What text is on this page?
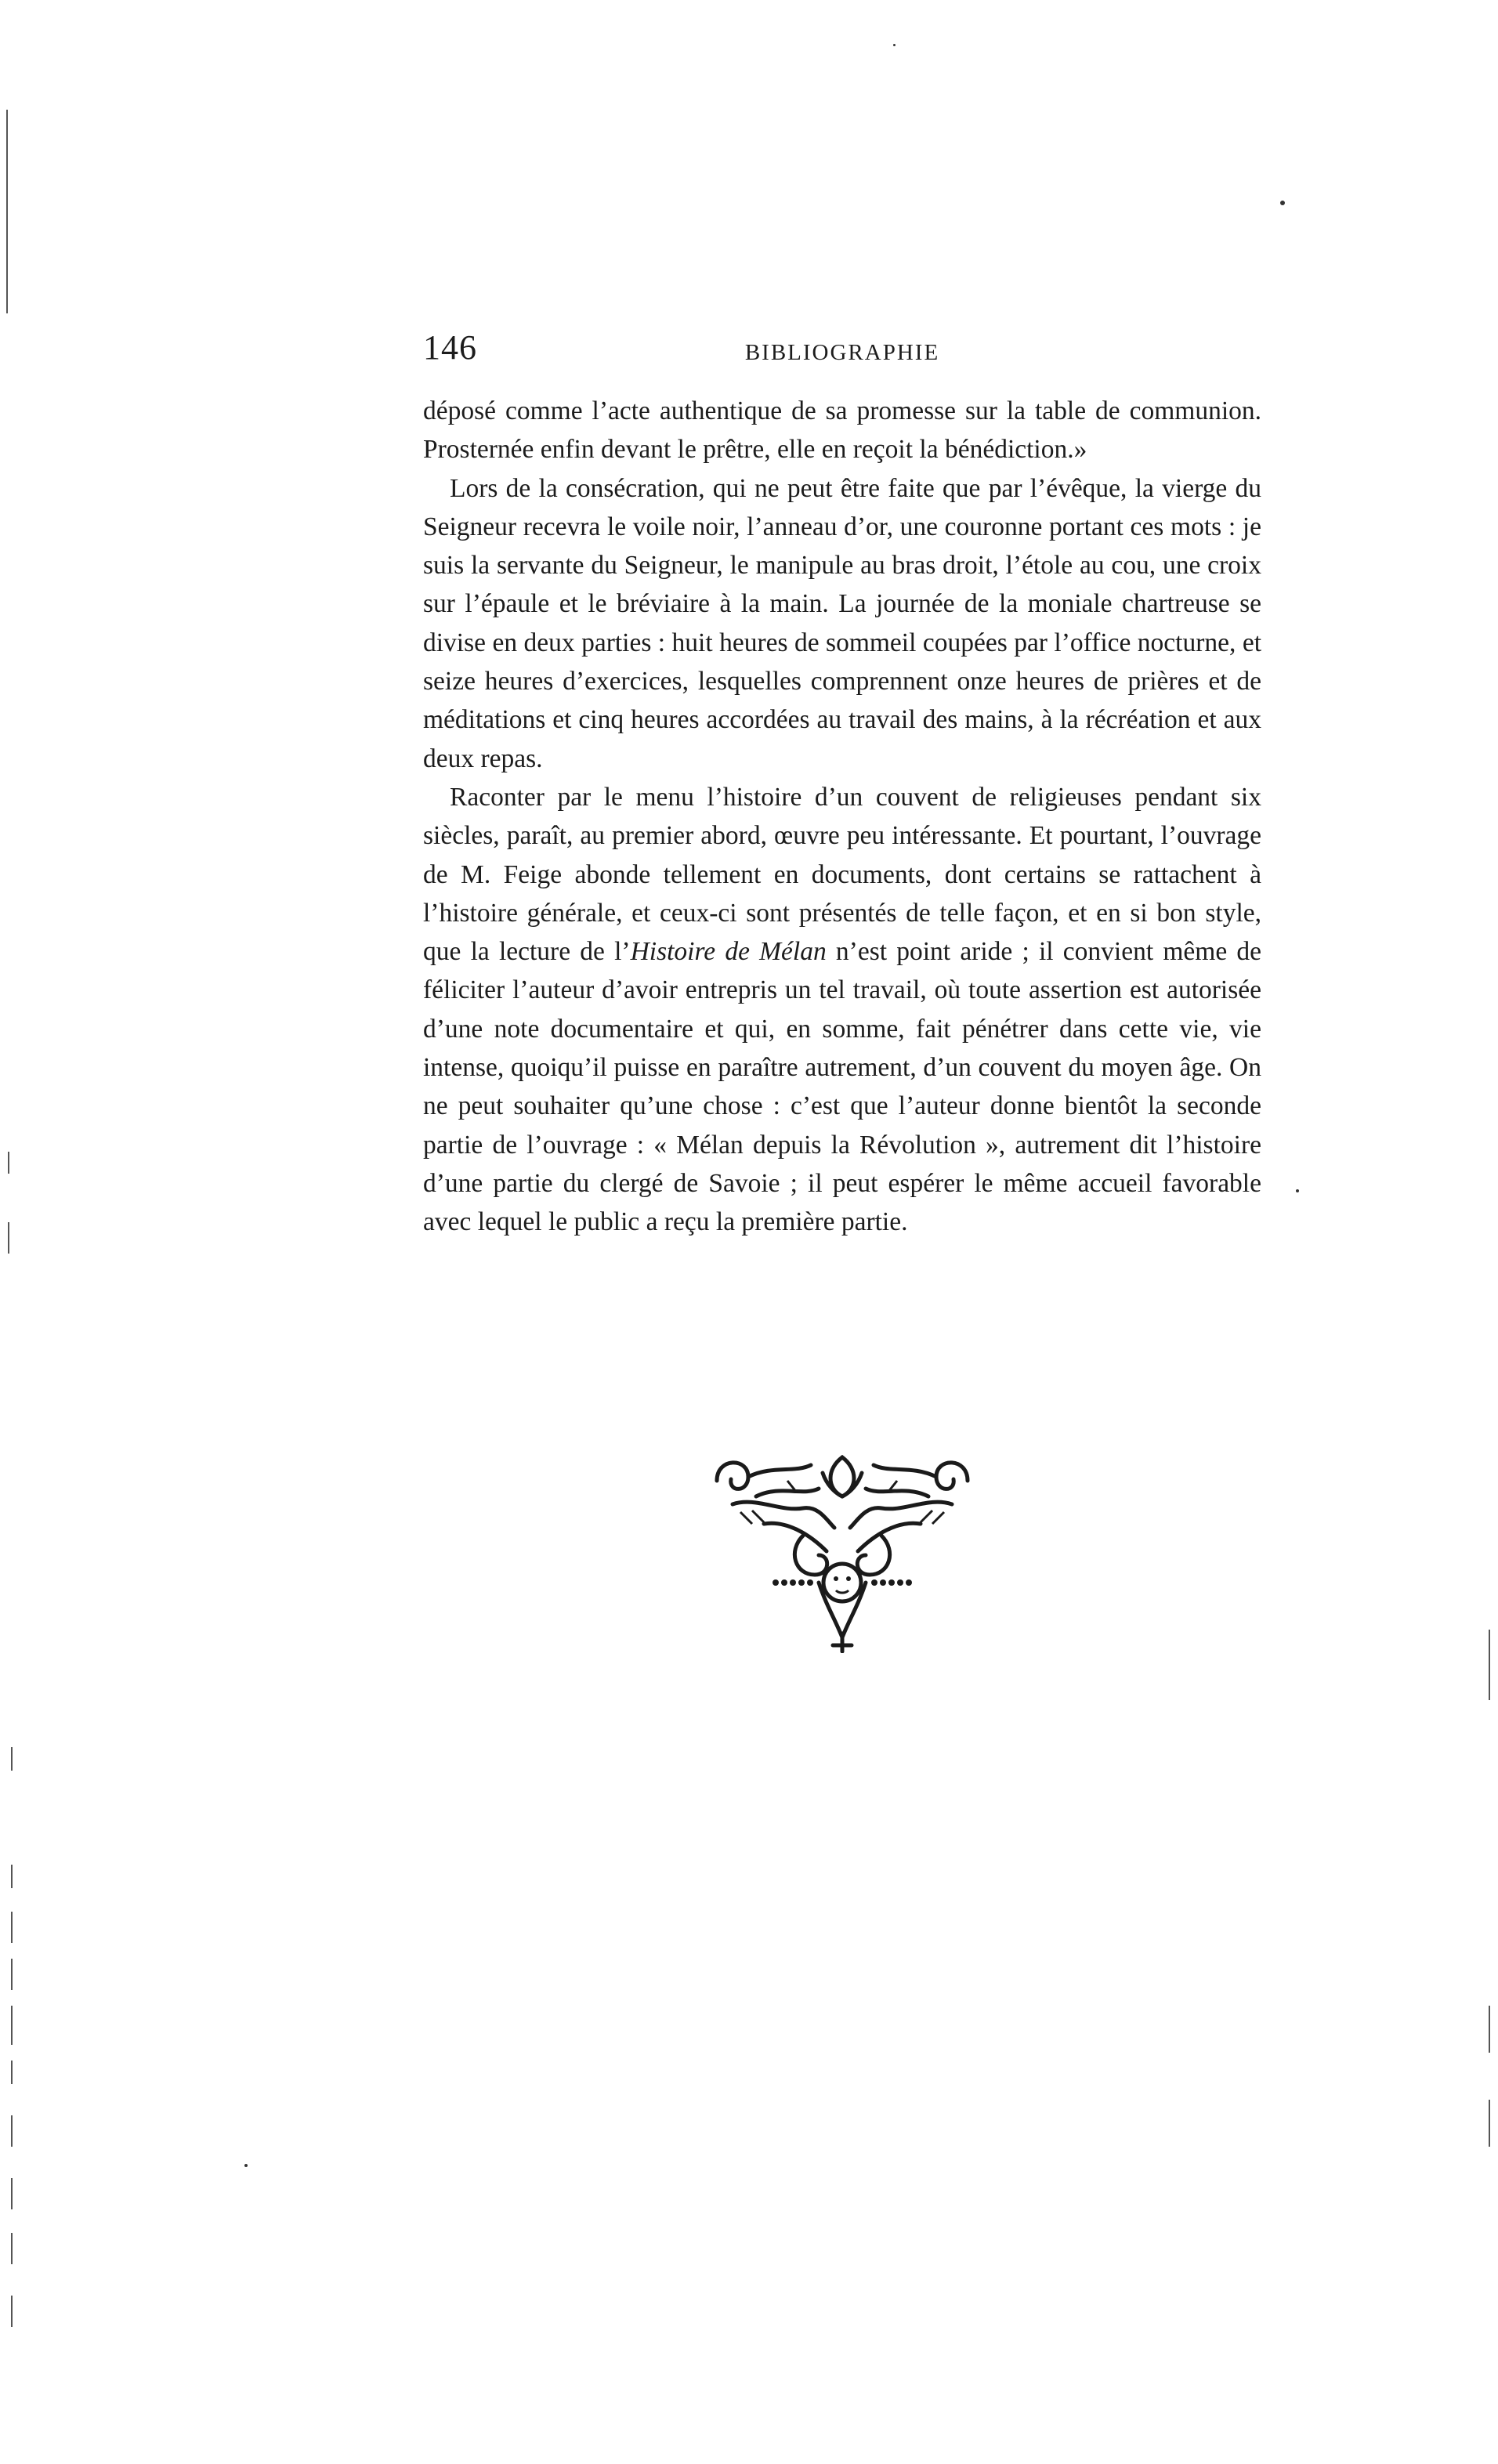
146	BIBLIOGRAPHIE

déposé comme l’acte authentique de sa promesse sur la table de communion. Prosternée enfin devant le prêtre, elle en reçoit la bénédiction.»

Lors de la consécration, qui ne peut être faite que par l’évêque, la vierge du Seigneur recevra le voile noir, l’anneau d’or, une couronne portant ces mots : je suis la servante du Seigneur, le manipule au bras droit, l’étole au cou, une croix sur l’épaule et le bréviaire à la main. La journée de la moniale chartreuse se divise en deux parties : huit heures de sommeil coupées par l’office nocturne, et seize heures d’exercices, lesquelles comprennent onze heures de prières et de méditations et cinq heures accordées au travail des mains, à la récréation et aux deux repas.

Raconter par le menu l’histoire d’un couvent de religieuses pendant six siècles, paraît, au premier abord, œuvre peu intéressante. Et pourtant, l’ouvrage de M. Feige abonde tellement en documents, dont certains se rattachent à l’histoire générale, et ceux-ci sont présentés de telle façon, et en si bon style, que la lecture de l’Histoire de Mélan n’est point aride ; il convient même de féliciter l’auteur d’avoir entrepris un tel travail, où toute assertion est autorisée d’une note documentaire et qui, en somme, fait pénétrer dans cette vie, vie intense, quoiqu’il puisse en paraître autrement, d’un couvent du moyen âge. On ne peut souhaiter qu’une chose : c’est que l’auteur donne bientôt la seconde partie de l’ouvrage : « Mélan depuis la Révolution », autrement dit l’histoire d’une partie du clergé de Savoie ; il peut espérer le même accueil favorable avec lequel le public a reçu la première partie.
